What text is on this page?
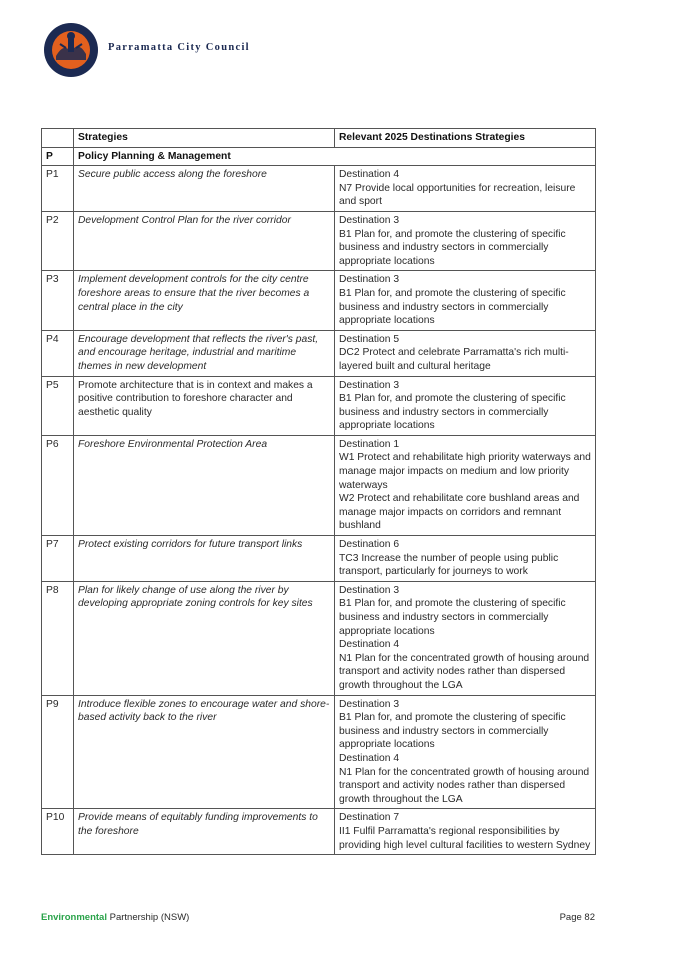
Parramatta City Council
	Strategies	Relevant 2025 Destinations Strategies
P	Policy Planning & Management	
P1	Secure public access along the foreshore	Destination 4
N7 Provide local opportunities for recreation, leisure and sport

P2	Development Control Plan for the river corridor	Destination 3
B1 Plan for, and promote the clustering of specific business and industry sectors in commercially appropriate locations

P3	Implement development controls for the city centre foreshore areas to ensure that the river becomes a central place in the city	Destination 3
B1 Plan for, and promote the clustering of specific business and industry sectors in commercially appropriate locations

P4	Encourage development that reflects the river's past, and encourage heritage, industrial and maritime themes in new development	Destination 5
DC2 Protect and celebrate Parramatta's rich multi-layered built and cultural heritage

P5	Promote architecture that is in context and makes a positive contribution to foreshore character and aesthetic quality	Destination 3
B1 Plan for, and promote the clustering of specific business and industry sectors in commercially appropriate locations

P6	Foreshore Environmental Protection Area	Destination 1
W1 Protect and rehabilitate high priority waterways and manage major impacts on medium and low priority waterways
W2 Protect and rehabilitate core bushland areas and manage major impacts on corridors and remnant bushland

P7	Protect existing corridors for future transport links	Destination 6
TC3 Increase the number of people using public transport, particularly for journeys to work

P8	Plan for likely change of use along the river by developing appropriate zoning controls for key sites	Destination 3
B1 Plan for, and promote the clustering of specific business and industry sectors in commercially appropriate locations
Destination 4
N1 Plan for the concentrated growth of housing around transport and activity nodes rather than dispersed growth throughout the LGA

P9	Introduce flexible zones to encourage water and shore-based activity back to the river	Destination 3
B1 Plan for, and promote the clustering of specific business and industry sectors in commercially appropriate locations
Destination 4
N1 Plan for the concentrated growth of housing around transport and activity nodes rather than dispersed growth throughout the LGA

P10	Provide means of equitably funding improvements to the foreshore	Destination 7
II1 Fulfil Parramatta's regional responsibilities by providing high level cultural facilities to western Sydney
Environmental Partnership (NSW)	Page 82
